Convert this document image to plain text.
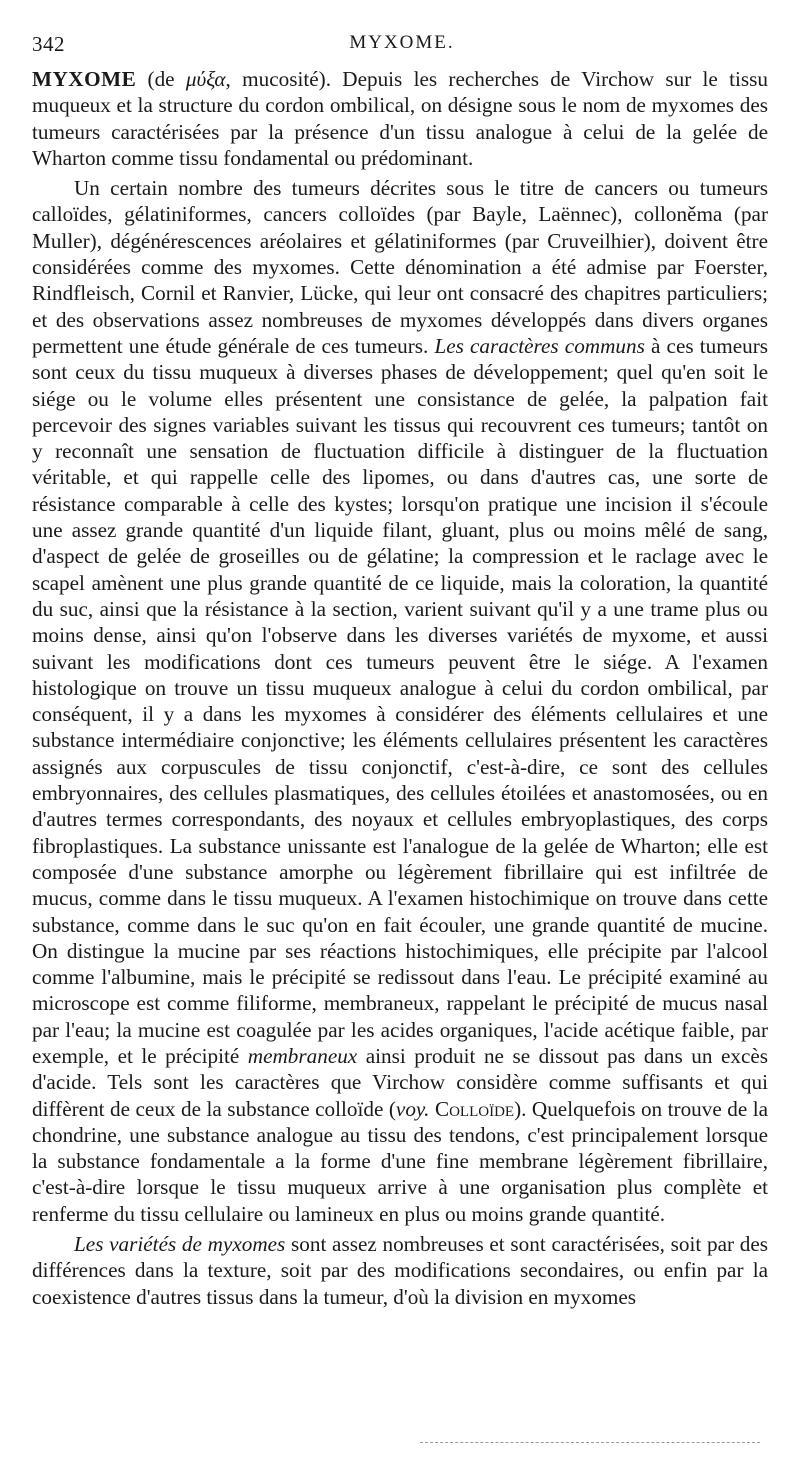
342	MYXOME.

MYXOME (de μύξα, mucosité). Depuis les recherches de Virchow sur le tissu muqueux et la structure du cordon ombilical, on désigne sous le nom de myxomes des tumeurs caractérisées par la présence d'un tissu analogue à celui de la gelée de Wharton comme tissu fondamental ou prédominant.

Un certain nombre des tumeurs décrites sous le titre de cancers ou tumeurs calloïdes, gélatiniformes, cancers colloïdes (par Bayle, Laënnec), colloněma (par Muller), dégénérescences aréolaires et gélatiniformes (par Cruveilhier), doivent être considérées comme des myxomes. Cette dénomination a été admise par Foerster, Rindfleisch, Cornil et Ranvier, Lücke, qui leur ont consacré des chapitres particuliers; et des observations assez nombreuses de myxomes développés dans divers organes permettent une étude générale de ces tumeurs. Les caractères communs à ces tumeurs sont ceux du tissu muqueux à diverses phases de développement; quel qu'en soit le siége ou le volume elles présentent une consistance de gelée, la palpation fait percevoir des signes variables suivant les tissus qui recouvrent ces tumeurs; tantôt on y reconnaît une sensation de fluctuation difficile à distinguer de la fluctuation véritable, et qui rappelle celle des lipomes, ou dans d'autres cas, une sorte de résistance comparable à celle des kystes; lorsqu'on pratique une incision il s'écoule une assez grande quantité d'un liquide filant, gluant, plus ou moins mêlé de sang, d'aspect de gelée de groseilles ou de gélatine; la compression et le raclage avec le scapel amènent une plus grande quantité de ce liquide, mais la coloration, la quantité du suc, ainsi que la résistance à la section, varient suivant qu'il y a une trame plus ou moins dense, ainsi qu'on l'observe dans les diverses variétés de myxome, et aussi suivant les modifications dont ces tumeurs peuvent être le siége. A l'examen histologique on trouve un tissu muqueux analogue à celui du cordon ombilical, par conséquent, il y a dans les myxomes à considérer des éléments cellulaires et une substance intermédiaire conjonctive; les éléments cellulaires présentent les caractères assignés aux corpuscules de tissu conjonctif, c'est-à-dire, ce sont des cellules embryonnaires, des cellules plasmatiques, des cellules étoilées et anastomosées, ou en d'autres termes correspondants, des noyaux et cellules embryoplastiques, des corps fibroplastiques. La substance unissante est l'analogue de la gelée de Wharton; elle est composée d'une substance amorphe ou légèrement fibrillaire qui est infiltrée de mucus, comme dans le tissu muqueux. A l'examen histochimique on trouve dans cette substance, comme dans le suc qu'on en fait écouler, une grande quantité de mucine. On distingue la mucine par ses réactions histochimiques, elle précipite par l'alcool comme l'albumine, mais le précipité se redissout dans l'eau. Le précipité examiné au microscope est comme filiforme, membraneux, rappelant le précipité de mucus nasal par l'eau; la mucine est coagulée par les acides organiques, l'acide acétique faible, par exemple, et le précipité membraneux ainsi produit ne se dissout pas dans un excès d'acide. Tels sont les caractères que Virchow considère comme suffisants et qui diffèrent de ceux de la substance colloïde (voy. Colloïde). Quelquefois on trouve de la chondrine, une substance analogue au tissu des tendons, c'est principalement lorsque la substance fondamentale a la forme d'une fine membrane légèrement fibrillaire, c'est-à-dire lorsque le tissu muqueux arrive à une organisation plus complète et renferme du tissu cellulaire ou lamineux en plus ou moins grande quantité.

Les variétés de myxomes sont assez nombreuses et sont caractérisées, soit par des différences dans la texture, soit par des modifications secondaires, ou enfin par la coexistence d'autres tissus dans la tumeur, d'où la division en myxomes
